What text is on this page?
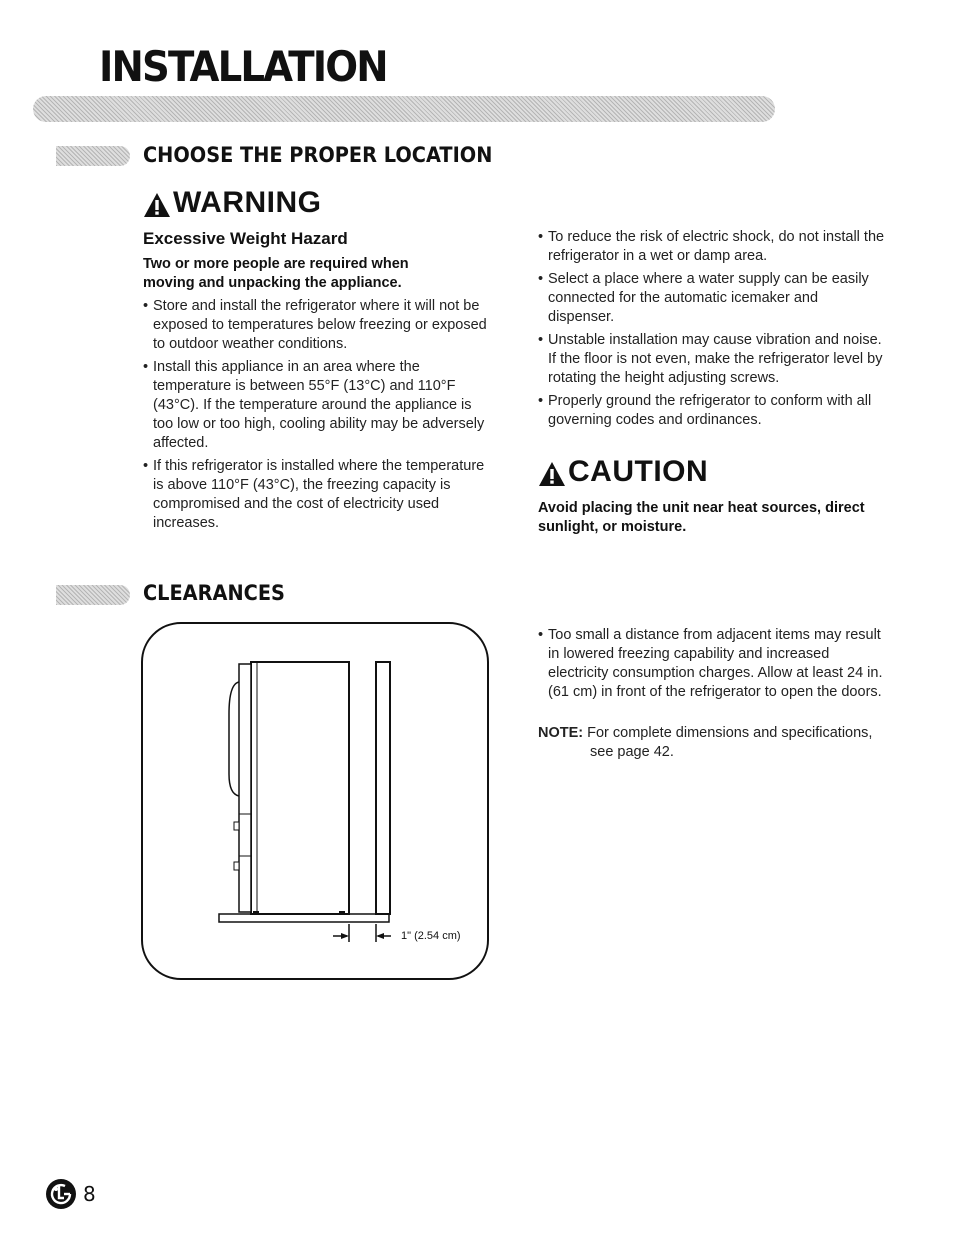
INSTALLATION
CHOOSE THE PROPER LOCATION
WARNING
Excessive Weight Hazard
Two or more people are required when moving and unpacking the appliance.
• Store and install the refrigerator where it will not be exposed to temperatures below freezing or exposed to outdoor weather conditions.
• Install this appliance in an area where the temperature is between 55°F (13°C) and 110°F (43°C). If the temperature around the appliance is too low or too high, cooling ability may be adversely affected.
• If this refrigerator is installed where the temperature is above 110°F (43°C), the freezing capacity is compromised and the cost of electricity used increases.
• To reduce the risk of electric shock, do not install the refrigerator in a wet or damp area.
• Select a place where a water supply can be easily connected for the automatic icemaker and dispenser.
• Unstable installation may cause vibration and noise. If the floor is not even, make the refrigerator level by rotating the height adjusting screws.
• Properly ground the refrigerator to conform with all governing codes and ordinances.
CAUTION
Avoid placing the unit near heat sources, direct sunlight, or moisture.
CLEARANCES
1" (2.54 cm)
• Too small a distance from adjacent items may result in lowered freezing capability and increased electricity consumption charges. Allow at least 24 in. (61 cm) in front of the refrigerator to open the doors.
NOTE: For complete dimensions and specifications,
see page 42.
8
